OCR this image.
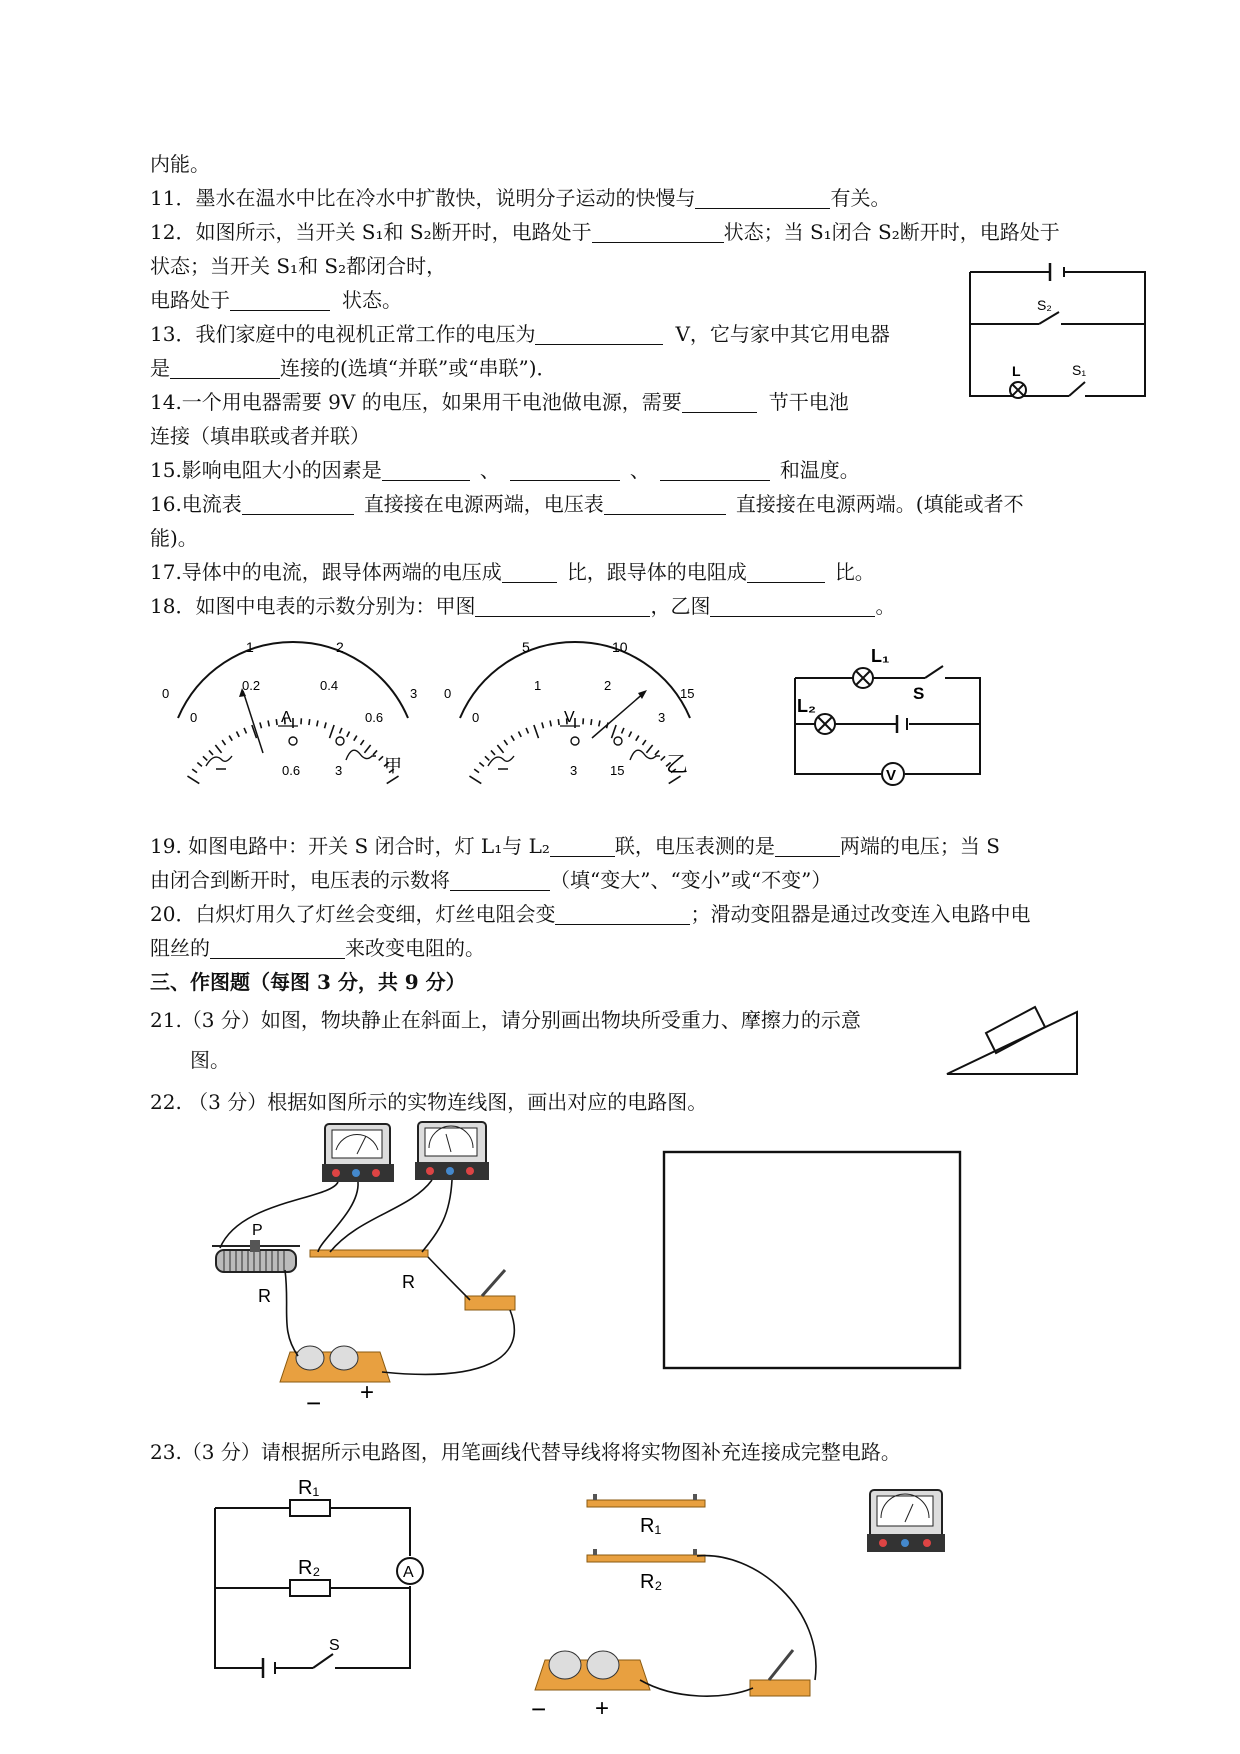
内能。
11．墨水在温水中比在冷水中扩散快，说明分子运动的快慢与	有关。
12．如图所示，当开关 S₁和 S₂断开时，电路处于	状态；当 S₁闭合 S₂断开时，电路处于
状态；当开关 S₁和 S₂都闭合时，
电路处于	状态。
13．我们家庭中的电视机正常工作的电压为	V，它与家中其它用电器
是	连接的(选填“并联”或“串联”)．
14.一个用电器需要 9V 的电压，如果用干电池做电源，需要	节干电池
连接（填串联或者并联）
15.影响电阻大小的因素是	、	、	和温度。
16.电流表	直接接在电源两端，电压表	直接接在电源两端。(填能或者不
能)。
17.导体中的电流，跟导体两端的电压成	比，跟导体的电阻成	比。
18．如图中电表的示数分别为：甲图	，乙图	。
19. 如图电路中：开关 S 闭合时，灯 L₁与 L₂	联，电压表测的是	两端的电压；当 S
由闭合到断开时，电压表的示数将	（填“变大”、“变小”或“不变”）
20．白炽灯用久了灯丝会变细，灯丝电阻会变	；滑动变阻器是通过改变连入电路中电
阻丝的	来改变电阻的。
三、作图题（每图 3 分，共 9 分）
21.（3 分）如图，物块静止在斜面上，请分别画出物块所受重力、摩擦力的示意
图。
22. （3 分）根据如图所示的实物连线图，画出对应的电路图。
23.（3 分）请根据所示电路图，用笔画线代替导线将将实物图补充连接成完整电路。
S₂
L	S₁
1	2
0.2	0.4
0	3
0	0.6
A
0.6	3 甲
5	10
1	2
0	15
0	3
V
3	15 乙
L₁
L₂
S
V
P
R
R
− +
R₁
R₂	A
S
R₁
R₂
− +
